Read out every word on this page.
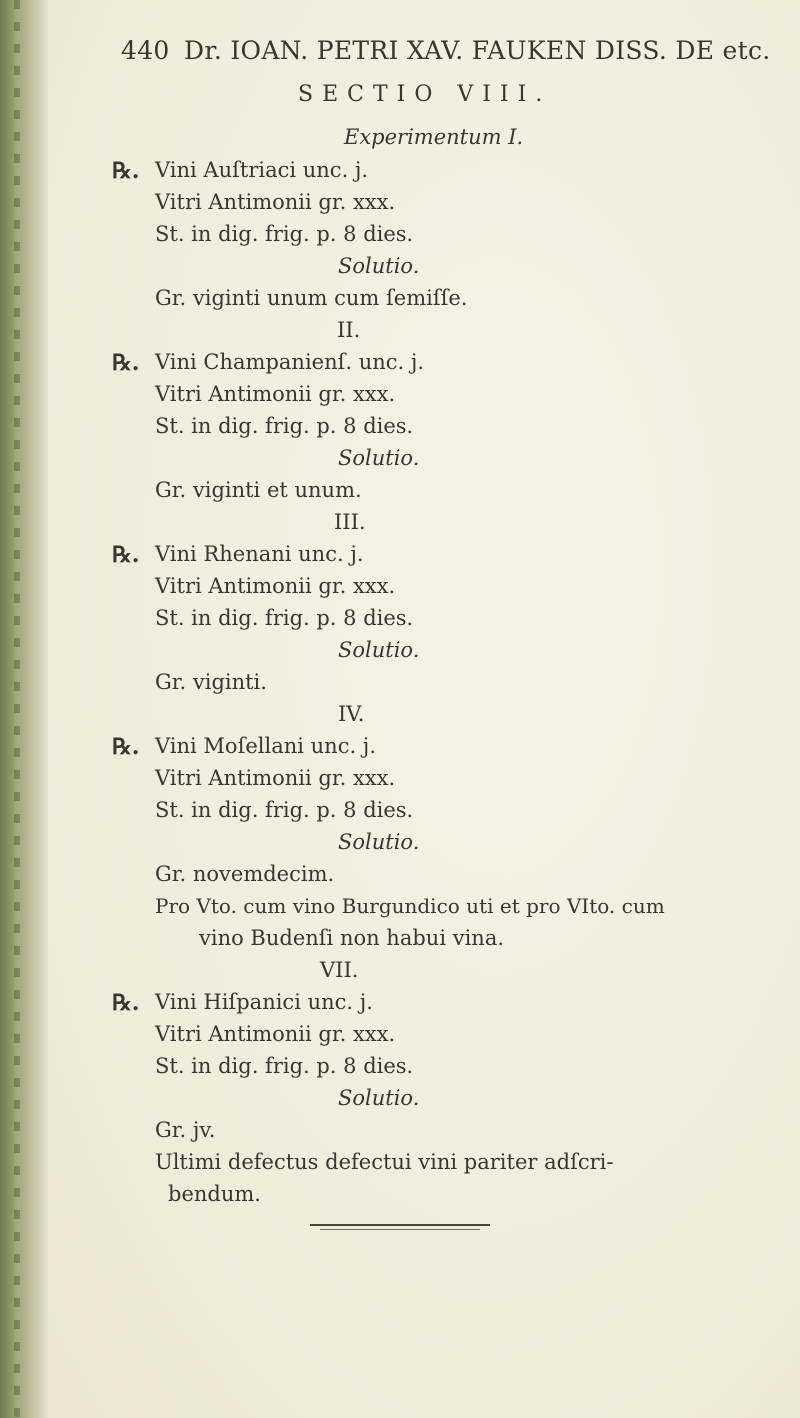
440 Dr. IOAN. PETRI XAV. FAUKEN DISS. DE etc.
SECTIO VIII.
Experimentum I.
℞. Vini Auſtriaci unc. j.
Vitri Antimonii gr. xxx.
St. in dig. frig. p. 8 dies.
Solutio.
Gr. viginti unum cum ſemiſſe.
II.
℞. Vini Champanienſ. unc. j.
Vitri Antimonii gr. xxx.
St. in dig. frig. p. 8 dies.
Solutio.
Gr. viginti et unum.
III.
℞. Vini Rhenani unc. j.
Vitri Antimonii gr. xxx.
St. in dig. frig. p. 8 dies.
Solutio.
Gr. viginti.
IV.
℞. Vini Moſellani unc. j.
Vitri Antimonii gr. xxx.
St. in dig. frig. p. 8 dies.
Solutio.
Gr. novemdecim.
Pro Vto. cum vino Burgundico uti et pro VIto. cum
vino Budenſi non habui vina.
VII.
℞. Vini Hiſpanici unc. j.
Vitri Antimonii gr. xxx.
St. in dig. frig. p. 8 dies.
Solutio.
Gr. jv.
Ultimi defectus defectui vini pariter adſcri-
bendum.
